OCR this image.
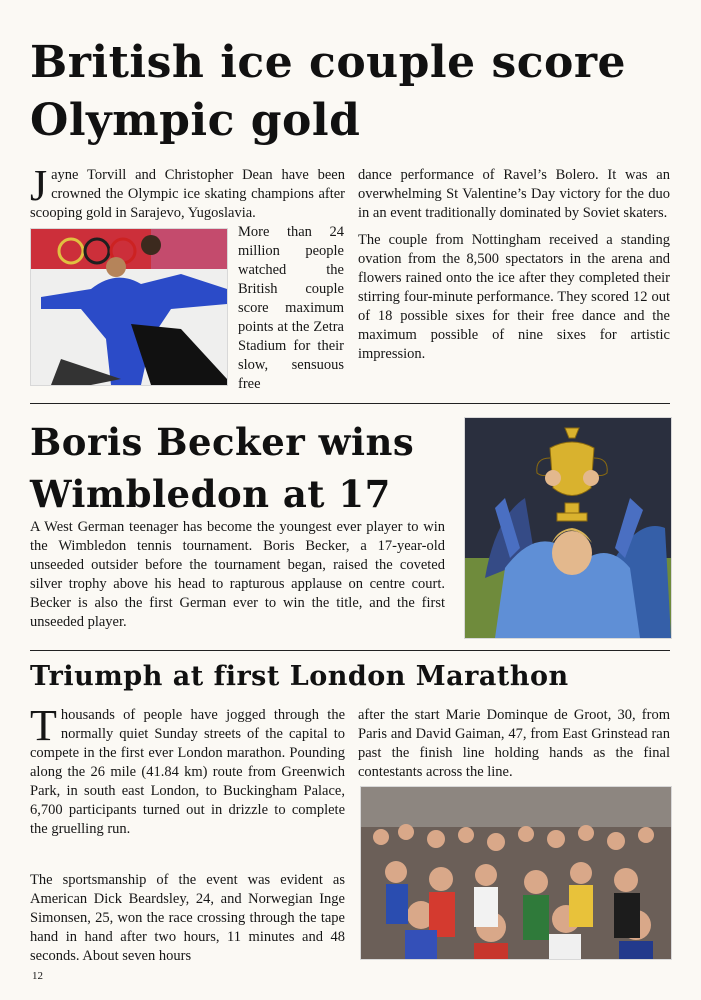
British ice couple score Olympic gold

Jayne Torvill and Christopher Dean have been crowned the Olympic ice skating champions after scooping gold in Sarajevo, Yugoslavia.

More than 24 million people watched the British couple score maximum points at the Zetra Stadium for their slow, sensuous free

dance performance of Ravel’s Bolero. It was an overwhelming St Valentine’s Day victory for the duo in an event traditionally dominated by Soviet skaters.

The couple from Nottingham received a standing ovation from the 8,500 spectators in the arena and flowers rained onto the ice after they completed their stirring four-minute performance. They scored 12 out of 18 possible sixes for their free dance and the maximum possible of nine sixes for artistic impression.

Boris Becker wins Wimbledon at 17

A West German teenager has become the youngest ever player to win the Wimbledon tennis tournament. Boris Becker, a 17-year-old unseeded outsider before the tournament began, raised the coveted silver trophy above his head to rapturous applause on centre court. Becker is also the first German ever to win the title, and the first unseeded player.

Triumph at first London Marathon

Thousands of people have jogged through the normally quiet Sunday streets of the capital to compete in the first ever London marathon. Pounding along the 26 mile (41.84 km) route from Greenwich Park, in south east London, to Buckingham Palace, 6,700 participants turned out in drizzle to complete the gruelling run.

The sportsmanship of the event was evident as American Dick Beardsley, 24, and Norwegian Inge Simonsen, 25, won the race crossing through the tape hand in hand after two hours, 11 minutes and 48 seconds. About seven hours

after the start Marie Dominque de Groot, 30, from Paris and David Gaiman, 47, from East Grinstead ran past the finish line holding hands as the final contestants across the line.

12
